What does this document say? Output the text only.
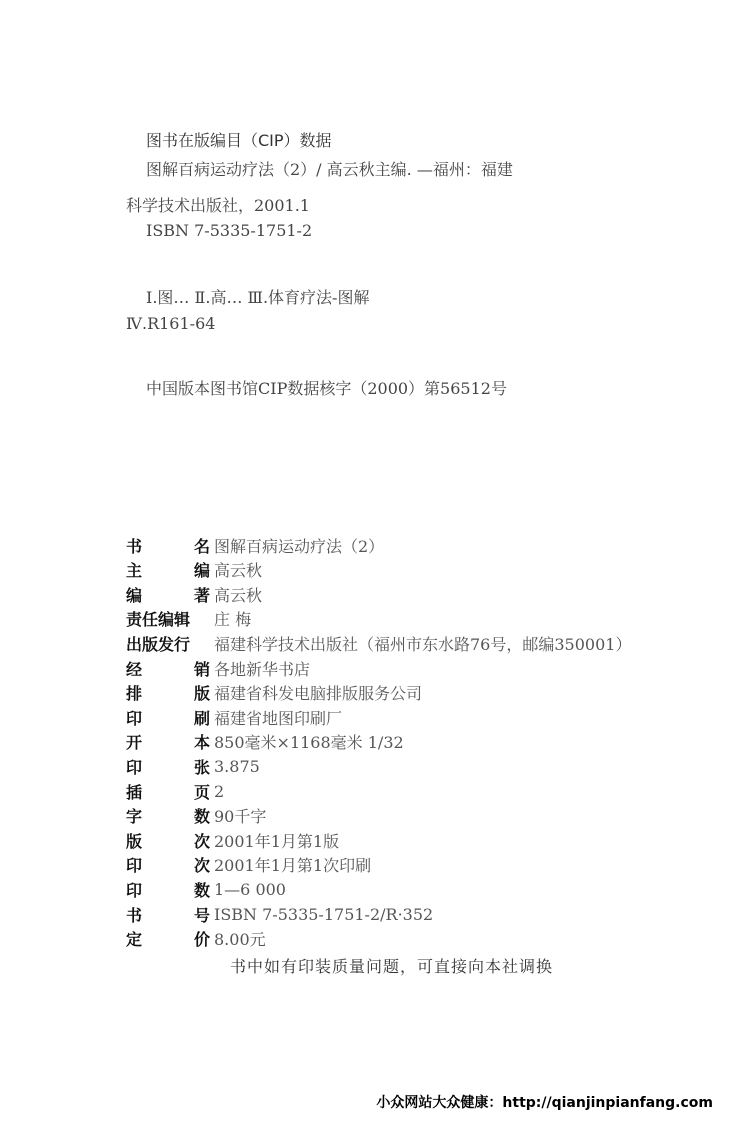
图书在版编目（CIP）数据
图解百病运动疗法（2）/ 高云秋主编. —福州：福建
科学技术出版社，2001.1
ISBN 7-5335-1751-2
Ⅰ.图… Ⅱ.高… Ⅲ.体育疗法-图解
Ⅳ.R161-64
中国版本图书馆CIP数据核字（2000）第56512号
书	名 图解百病运动疗法（2）
主	编 高云秋
编	著 高云秋
责任编辑 庄 梅
出版发行 福建科学技术出版社（福州市东水路76号，邮编350001）
经	销 各地新华书店
排	版 福建省科发电脑排版服务公司
印	刷 福建省地图印刷厂
开	本 850毫米×1168毫米 1/32
印	张 3.875
插	页 2
字	数 90千字
版	次 2001年1月第1版
印	次 2001年1月第1次印刷
印	数 1—6 000
书	号 ISBN 7-5335-1751-2/R·352
定	价 8.00元
书中如有印装质量问题，可直接向本社调换
小众网站大众健康：http://qianjinpianfang.com
